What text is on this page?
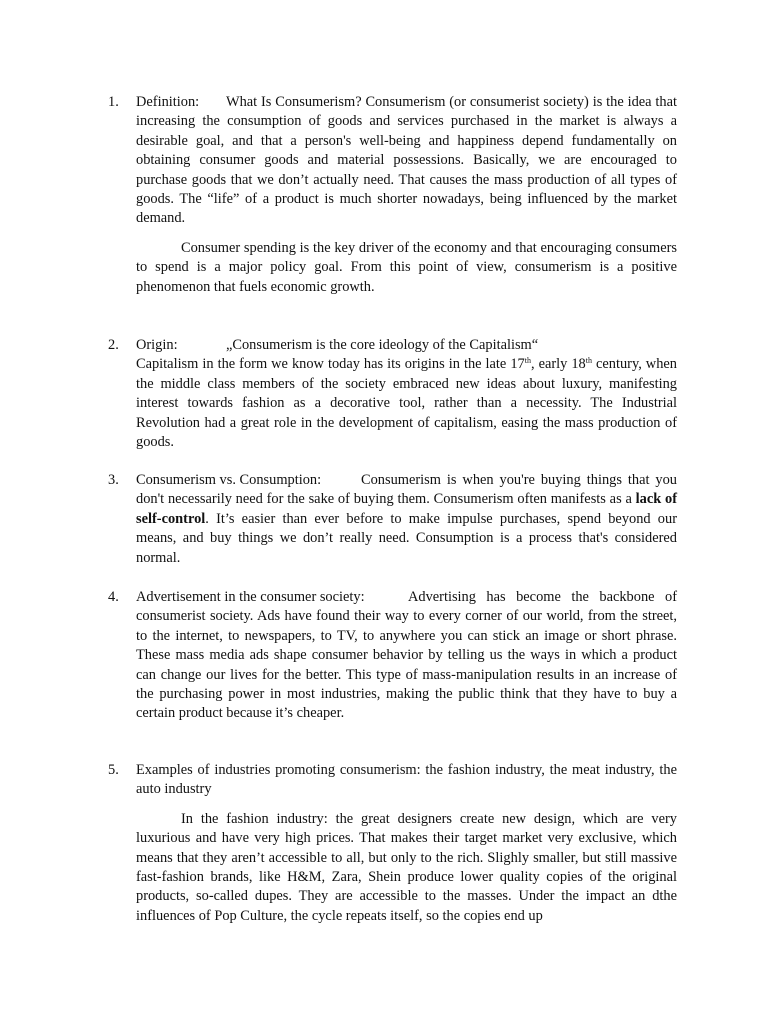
1.	Definition: What Is Consumerism? Consumerism (or consumerist society) is the idea that increasing the consumption of goods and services purchased in the market is always a desirable goal, and that a person's well-being and happiness depend fundamentally on obtaining consumer goods and material possessions. Basically, we are encouraged to purchase goods that we don’t actually need. That causes the mass production of all types of goods. The “life” of a product is much shorter nowadays, being influenced by the market demand.

Consumer spending is the key driver of the economy and that encouraging consumers to spend is a major policy goal. From this point of view, consumerism is a positive phenomenon that fuels economic growth.

2.	Origin:	„Consumerism is the core ideology of the Capitalism“

Capitalism in the form we know today has its origins in the late 17th, early 18th century, when the middle class members of the society embraced new ideas about luxury, manifesting interest towards fashion as a decorative tool, rather than a necessity. The Industrial Revolution had a great role in the development of capitalism, easing the mass production of goods.

3.	Consumerism vs. Consumption:	Consumerism is when you're buying things that you don't necessarily need for the sake of buying them. Consumerism often manifests as a lack of self-control. It’s easier than ever before to make impulse purchases, spend beyond our means, and buy things we don’t really need. Consumption is a process that's considered normal.

4.	Advertisement in the consumer society:	Advertising has become the backbone of consumerist society. Ads have found their way to every corner of our world, from the street, to the internet, to newspapers, to TV, to anywhere you can stick an image or short phrase. These mass media ads shape consumer behavior by telling us the ways in which a product can change our lives for the better. This type of mass-manipulation results in an increase of the purchasing power in most industries, making the public think that they have to buy a certain product because it’s cheaper.

5.	Examples of industries promoting consumerism: the fashion industry, the meat industry, the auto industry

In the fashion industry: the great designers create new design, which are very luxurious and have very high prices. That makes their target market very exclusive, which means that they aren’t accessible to all, but only to the rich. Slighly smaller, but still massive fast-fashion brands, like H&M, Zara, Shein produce lower quality copies of the original products, so-called dupes. They are accessible to the masses. Under the impact an dthe influences of Pop Culture, the cycle repeats itself, so the copies end up
